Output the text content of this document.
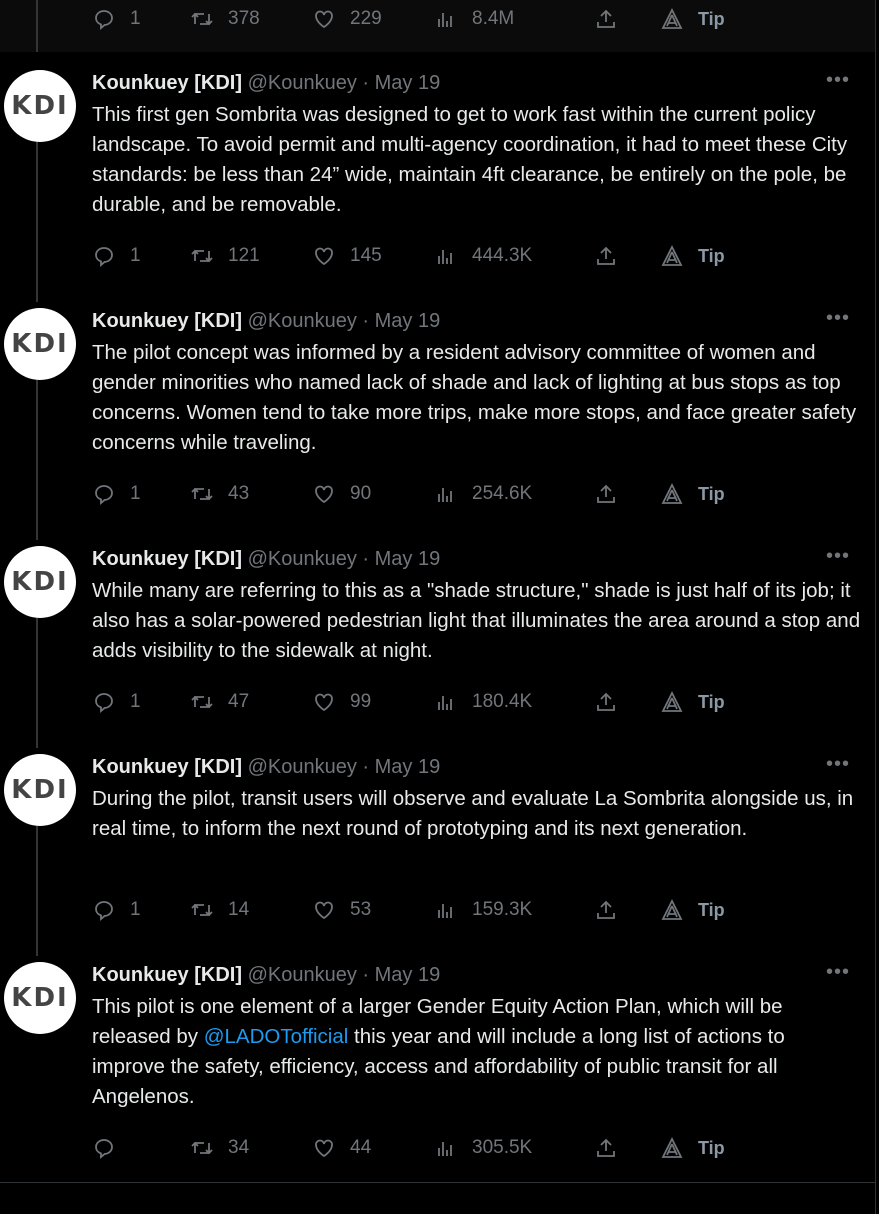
1	378	229	8.4M	Tip
KDI
Kounkuey [KDI] @Kounkuey · May 19	•••
This first gen Sombrita was designed to get to work fast within the current policy landscape. To avoid permit and multi-agency coordination, it had to meet these City standards: be less than 24” wide, maintain 4ft clearance, be entirely on the pole, be durable, and be removable.
1	121	145	444.3K	Tip
KDI
Kounkuey [KDI] @Kounkuey · May 19	•••
The pilot concept was informed by a resident advisory committee of women and gender minorities who named lack of shade and lack of lighting at bus stops as top concerns. Women tend to take more trips, make more stops, and face greater safety concerns while traveling.
1	43	90	254.6K	Tip
KDI
Kounkuey [KDI] @Kounkuey · May 19	•••
While many are referring to this as a "shade structure," shade is just half of its job; it also has a solar-powered pedestrian light that illuminates the area around a stop and adds visibility to the sidewalk at night.
1	47	99	180.4K	Tip
KDI
Kounkuey [KDI] @Kounkuey · May 19	•••
During the pilot, transit users will observe and evaluate La Sombrita alongside us, in real time, to inform the next round of prototyping and its next generation.
1	14	53	159.3K	Tip
KDI
Kounkuey [KDI] @Kounkuey · May 19	•••
This pilot is one element of a larger Gender Equity Action Plan, which will be released by @LADOTofficial this year and will include a long list of actions to improve the safety, efficiency, access and affordability of public transit for all Angelenos.
34	44	305.5K	Tip
